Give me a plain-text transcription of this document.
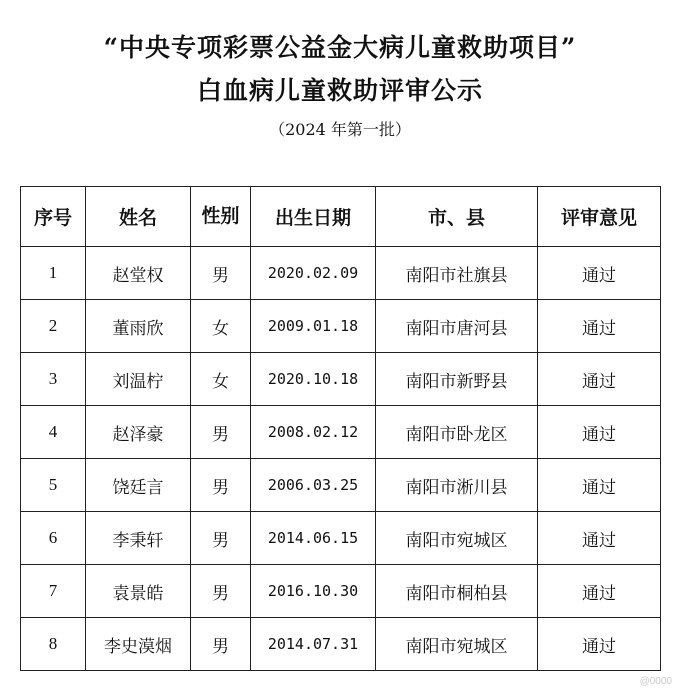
“中央专项彩票公益金大病儿童救助项目”
白血病儿童救助评审公示
（2024 年第一批）
序号	姓名	性别	出生日期	市、县	评审意见
1	赵堂权	男	2020.02.09	南阳市社旗县	通过
2	董雨欣	女	2009.01.18	南阳市唐河县	通过
3	刘温柠	女	2020.10.18	南阳市新野县	通过
4	赵泽豪	男	2008.02.12	南阳市卧龙区	通过
5	饶廷言	男	2006.03.25	南阳市淅川县	通过
6	李秉轩	男	2014.06.15	南阳市宛城区	通过
7	袁景皓	男	2016.10.30	南阳市桐柏县	通过
8	李史漠烟	男	2014.07.31	南阳市宛城区	通过
@0000
